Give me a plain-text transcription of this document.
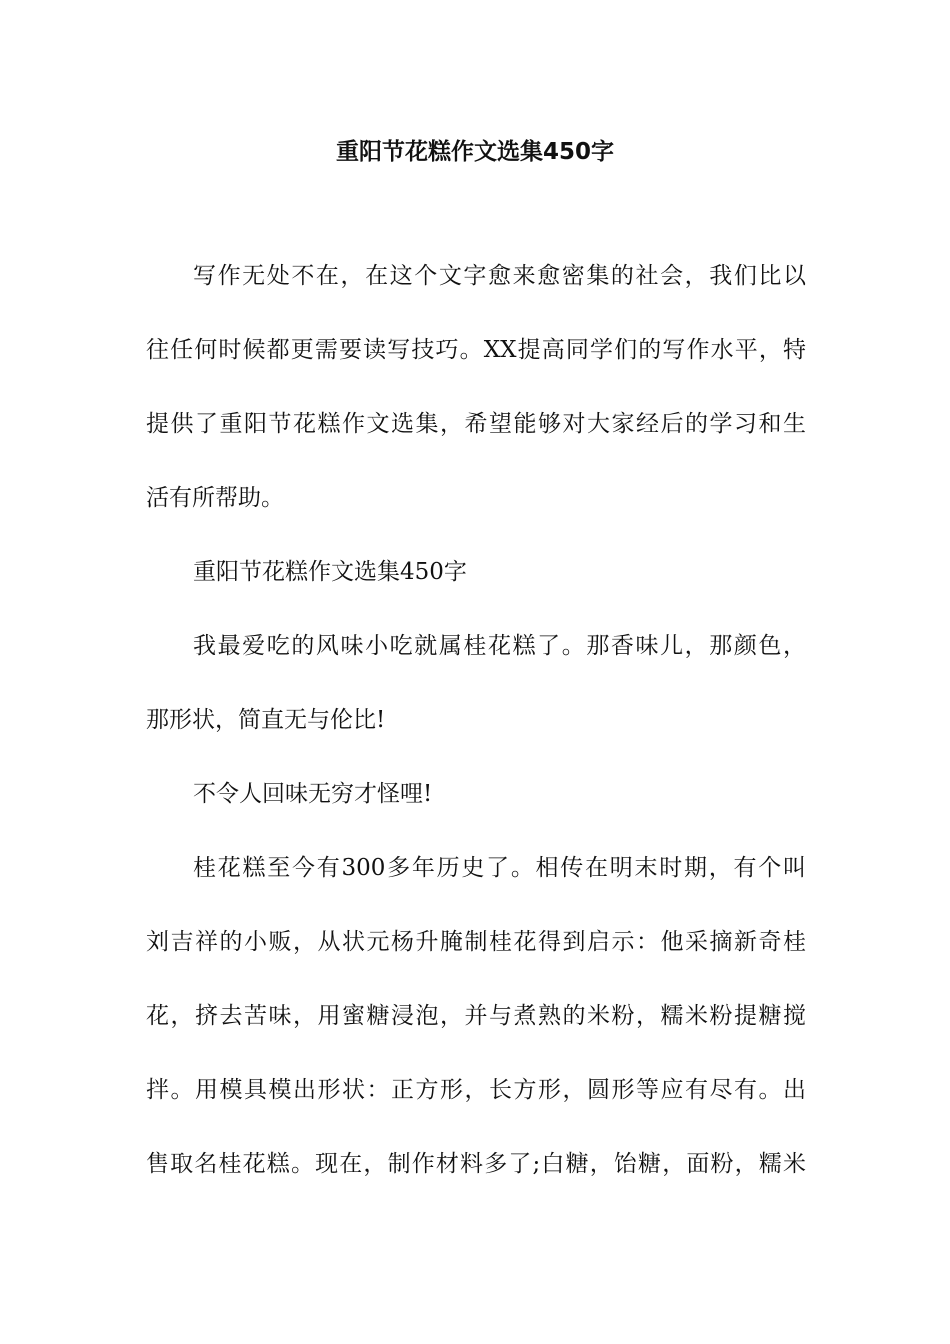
重阳节花糕作文选集450字
写作无处不在，在这个文字愈来愈密集的社会，我们比以
往任何时候都更需要读写技巧。XX提高同学们的写作水平，特
提供了重阳节花糕作文选集，希望能够对大家经后的学习和生
活有所帮助。
重阳节花糕作文选集450字
我最爱吃的风味小吃就属桂花糕了。那香味儿，那颜色，
那形状，简直无与伦比!
不令人回味无穷才怪哩!
桂花糕至今有300多年历史了。相传在明末时期，有个叫
刘吉祥的小贩，从状元杨升腌制桂花得到启示：他采摘新奇桂
花，挤去苦味，用蜜糖浸泡，并与煮熟的米粉，糯米粉提糖搅
拌。用模具模出形状：正方形，长方形，圆形等应有尽有。出
售取名桂花糕。现在，制作材料多了;白糖，饴糖，面粉，糯米
